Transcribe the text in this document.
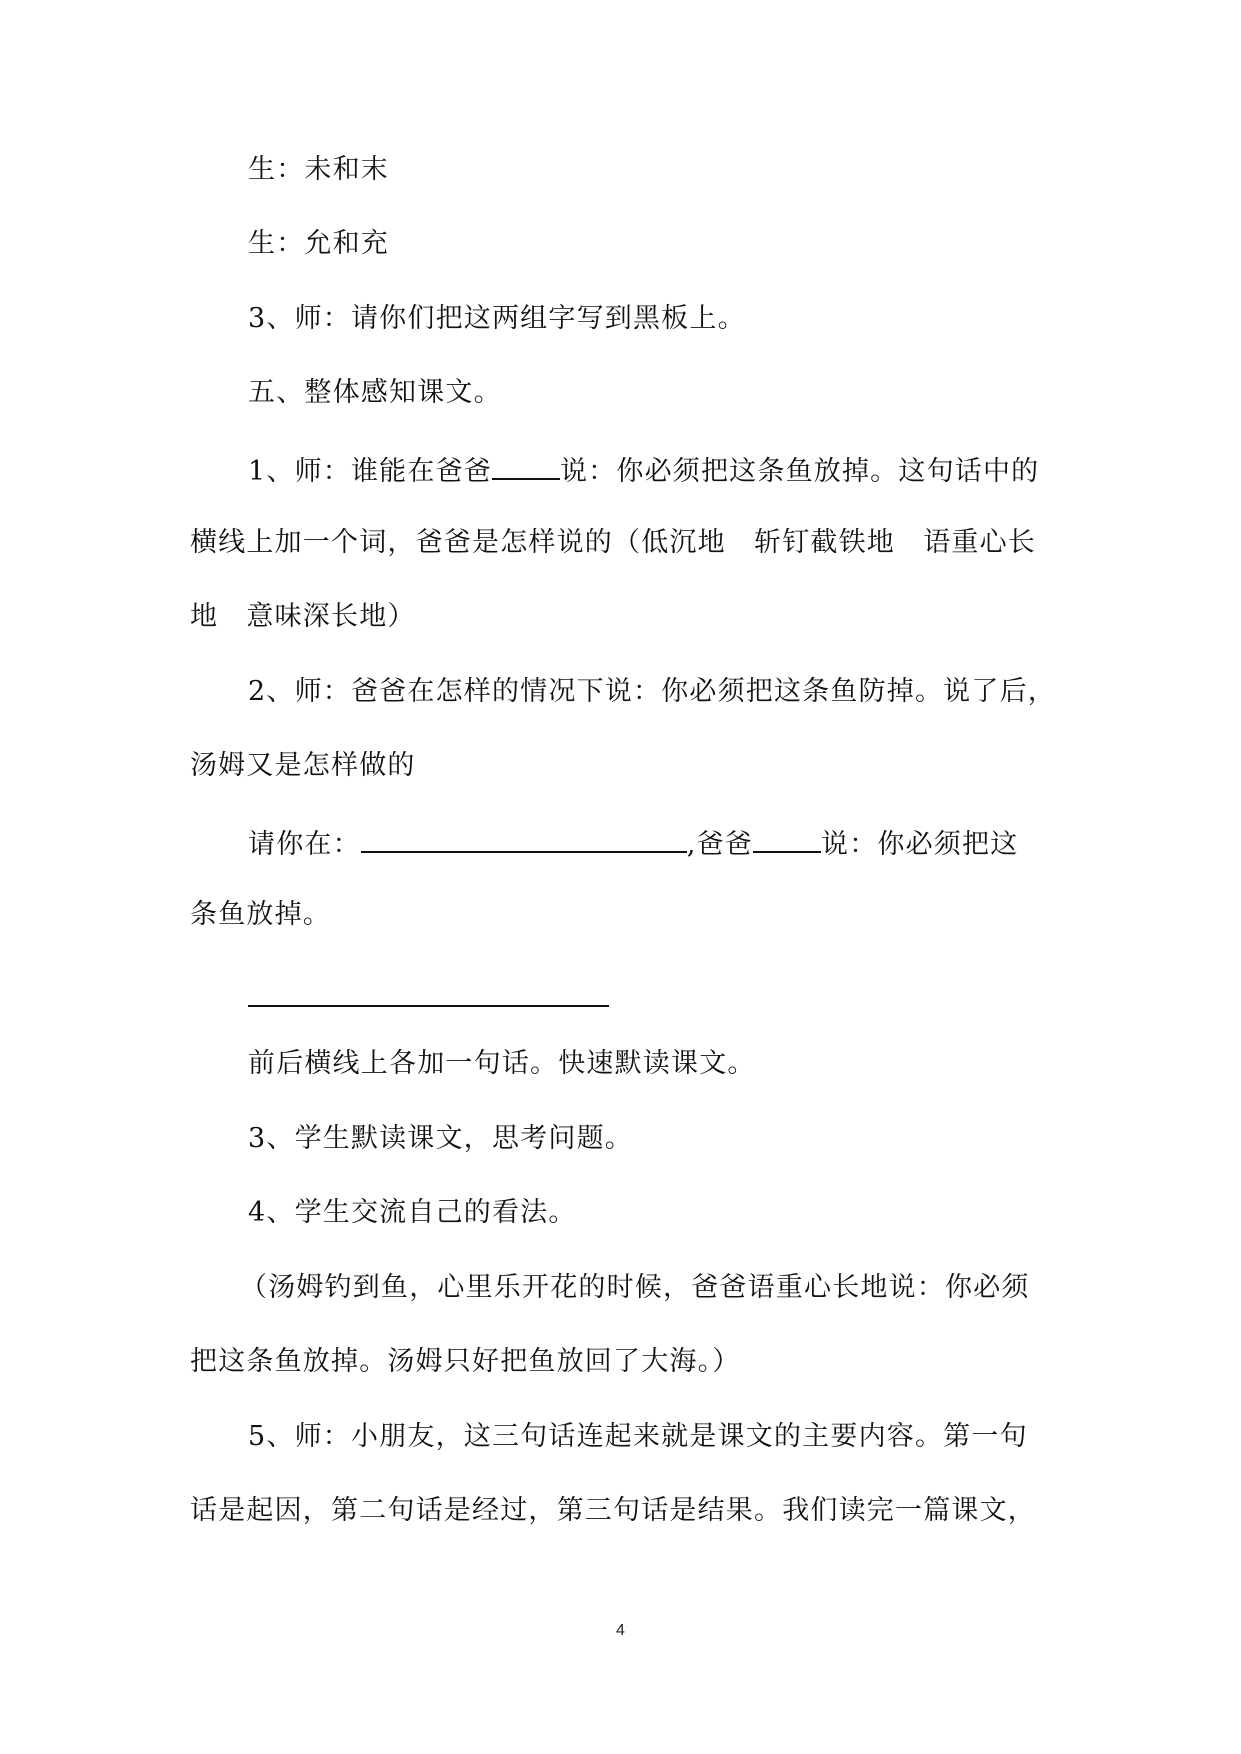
生：未和末
生：允和充
3、师：请你们把这两组字写到黑板上。
五、整体感知课文。
1、师：谁能在爸爸	说：你必须把这条鱼放掉。这句话中的
横线上加一个词，爸爸是怎样说的（低沉地　斩钉截铁地　语重心长
地　意味深长地）
2、师：爸爸在怎样的情况下说：你必须把这条鱼防掉。说了后，
汤姆又是怎样做的
请你在：	,爸爸	说：你必须把这
条鱼放掉。
前后横线上各加一句话。快速默读课文。
3、学生默读课文，思考问题。
4、学生交流自己的看法。
（汤姆钓到鱼，心里乐开花的时候，爸爸语重心长地说：你必须
把这条鱼放掉。汤姆只好把鱼放回了大海。）
5、师：小朋友，这三句话连起来就是课文的主要内容。第一句
话是起因，第二句话是经过，第三句话是结果。我们读完一篇课文，
4
